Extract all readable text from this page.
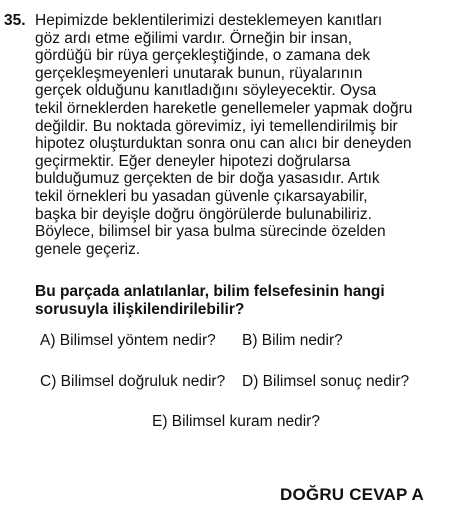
35. Hepimizde beklentilerimizi desteklemeyen kanıtları
göz ardı etme eğilimi vardır. Örneğin bir insan,
gördüğü bir rüya gerçekleştiğinde, o zamana dek
gerçekleşmeyenleri unutarak bunun, rüyalarının
gerçek olduğunu kanıtladığını söyleyecektir. Oysa
tekil örneklerden hareketle genellemeler yapmak doğru
değildir. Bu noktada görevimiz, iyi temellendirilmiş bir
hipotez oluşturduktan sonra onu can alıcı bir deneyden
geçirmektir. Eğer deneyler hipotezi doğrularsa
bulduğumuz gerçekten de bir doğa yasasıdır. Artık
tekil örnekleri bu yasadan güvenle çıkarsayabilir,
başka bir deyişle doğru öngörülerde bulunabiliriz.
Böylece, bilimsel bir yasa bulma sürecinde özelden
genele geçeriz.
Bu parçada anlatılanlar, bilim felsefesinin hangi
sorusuyla ilişkilendirilebilir?
A) Bilimsel yöntem nedir? B) Bilim nedir?
C) Bilimsel doğruluk nedir? D) Bilimsel sonuç nedir?
E) Bilimsel kuram nedir?
DOĞRU CEVAP A
